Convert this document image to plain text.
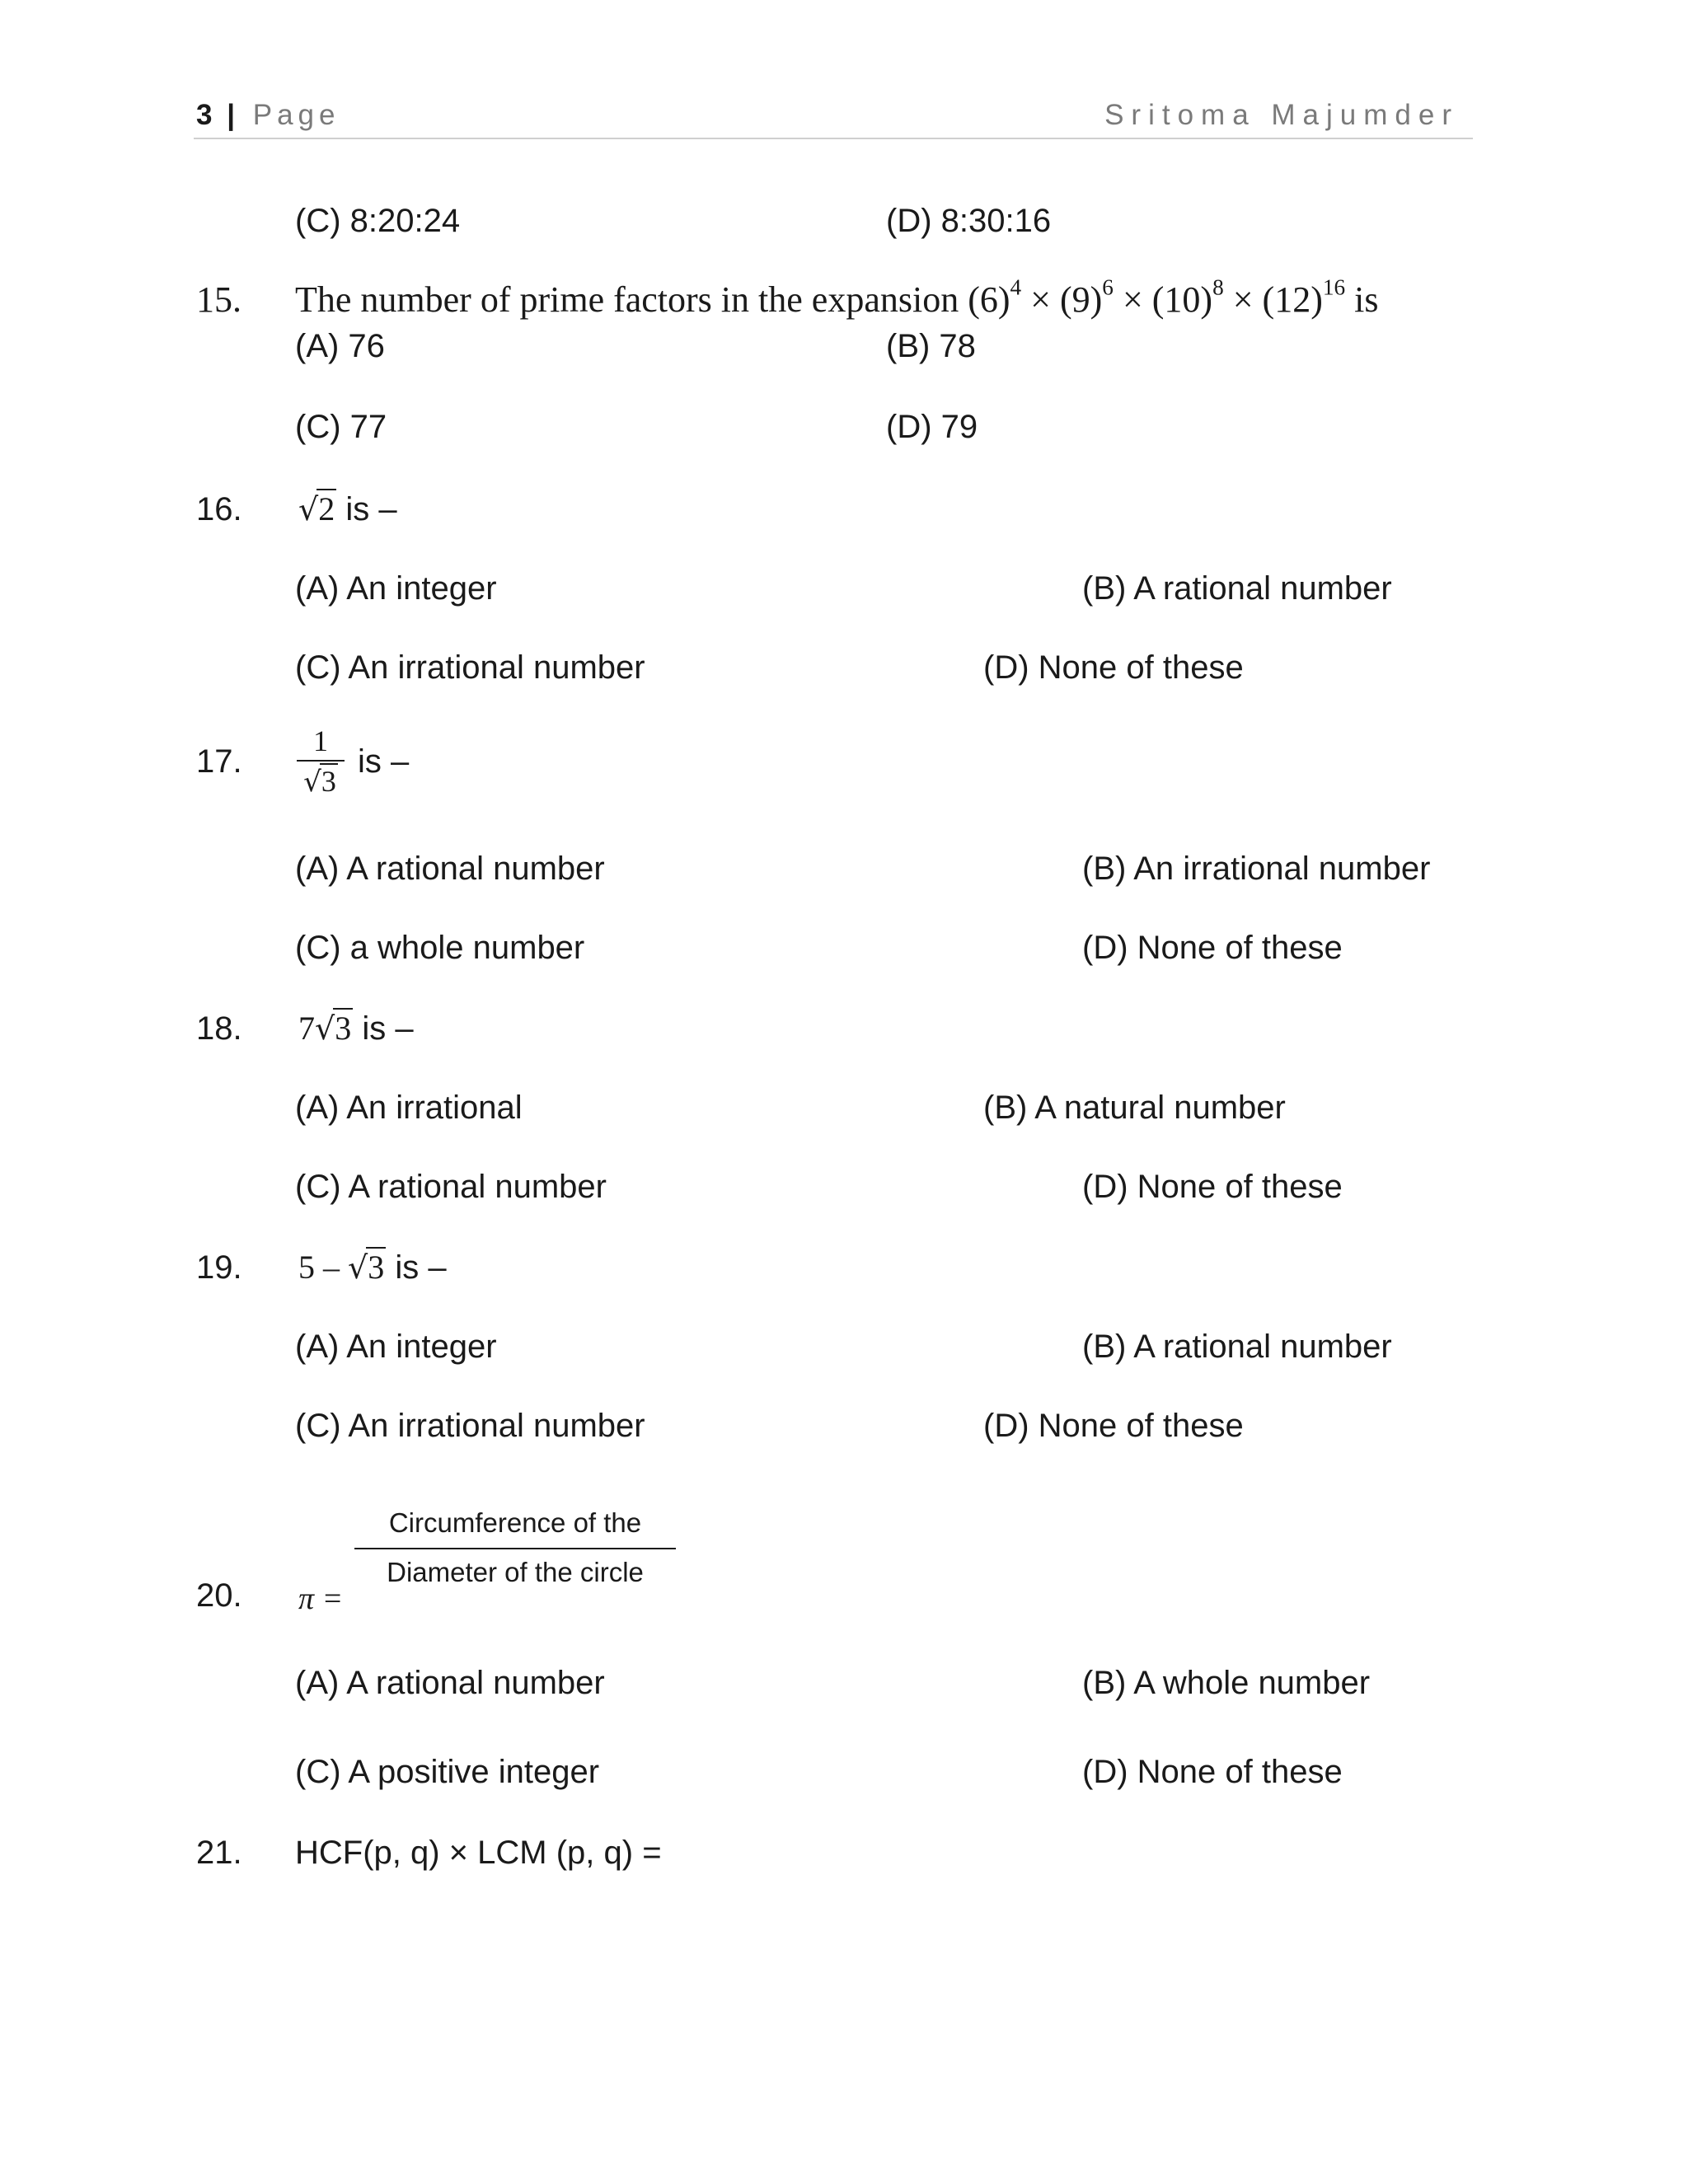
3 | Page	Sritoma Majumder
(C) 8:20:24	(D) 8:30:16
15. The number of prime factors in the expansion $(6)^4 \times (9)^6 \times (10)^8 \times (12)^{16}$ is
(A) 76	(B) 78
(C) 77	(D) 79
16. √2 is –
(A) An integer	(B) A rational number
(C) An irrational number	(D) None of these
17.
1
√3
is –
(A) A rational number	(B) An irrational number
(C) a whole number	(D) None of these
18. 7√3 is –
(A) An irrational	(B) A natural number
(C) A rational number	(D) None of these
19. 5 – √3 is –
(A) An integer	(B) A rational number
(C) An irrational number	(D) None of these
Circumference of the
Diameter of the circle
20. π =
(A) A rational number	(B) A whole number
(C) A positive integer	(D) None of these
21. HCF(p, q) × LCM (p, q) =
